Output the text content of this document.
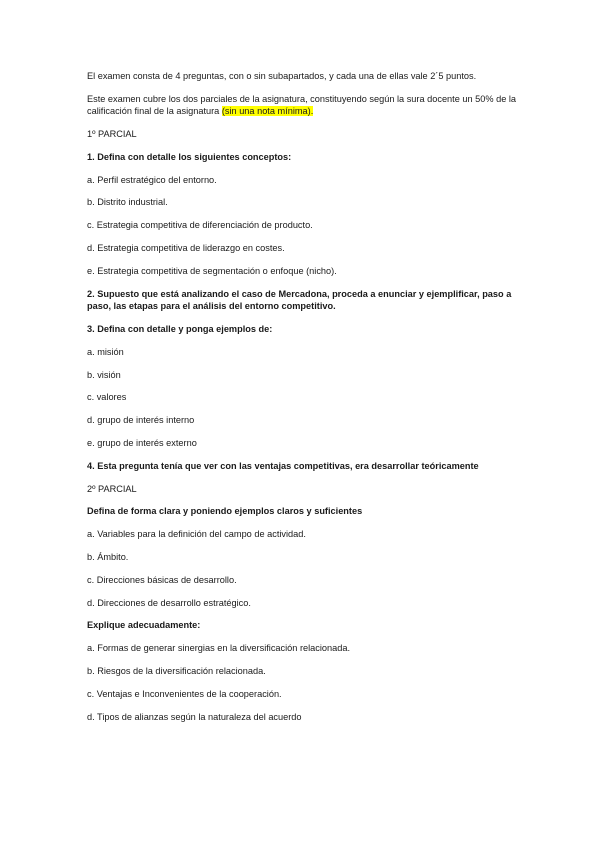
El examen consta de 4 preguntas, con o sin subapartados, y cada una de ellas vale 2´5 puntos.

Este examen cubre los dos parciales de la asignatura, constituyendo según la sura docente un 50% de la calificación final de la asignatura (sin una nota mínima).

1º PARCIAL

1. Defina con detalle los siguientes conceptos:

a. Perfil estratégico del entorno.

b. Distrito industrial.

c. Estrategia competitiva de diferenciación de producto.

d. Estrategia competitiva de liderazgo en costes.

e. Estrategia competitiva de segmentación o enfoque (nicho).

2. Supuesto que está analizando el caso de Mercadona, proceda a enunciar y ejemplificar, paso a paso, las etapas para el análisis del entorno competitivo.

3. Defina con detalle y ponga ejemplos de:

a. misión

b. visión

c. valores

d. grupo de interés interno

e. grupo de interés externo

4. Esta pregunta tenía que ver con las ventajas competitivas, era desarrollar teóricamente

2º PARCIAL

Defina de forma clara y poniendo ejemplos claros y suficientes

a. Variables para la definición del campo de actividad.

b. Ámbito.

c. Direcciones básicas de desarrollo.

d. Direcciones de desarrollo estratégico.

Explique adecuadamente:

a. Formas de generar sinergias en la diversificación relacionada.

b. Riesgos de la diversificación relacionada.

c. Ventajas e Inconvenientes de la cooperación.

d. Tipos de alianzas según la naturaleza del acuerdo
